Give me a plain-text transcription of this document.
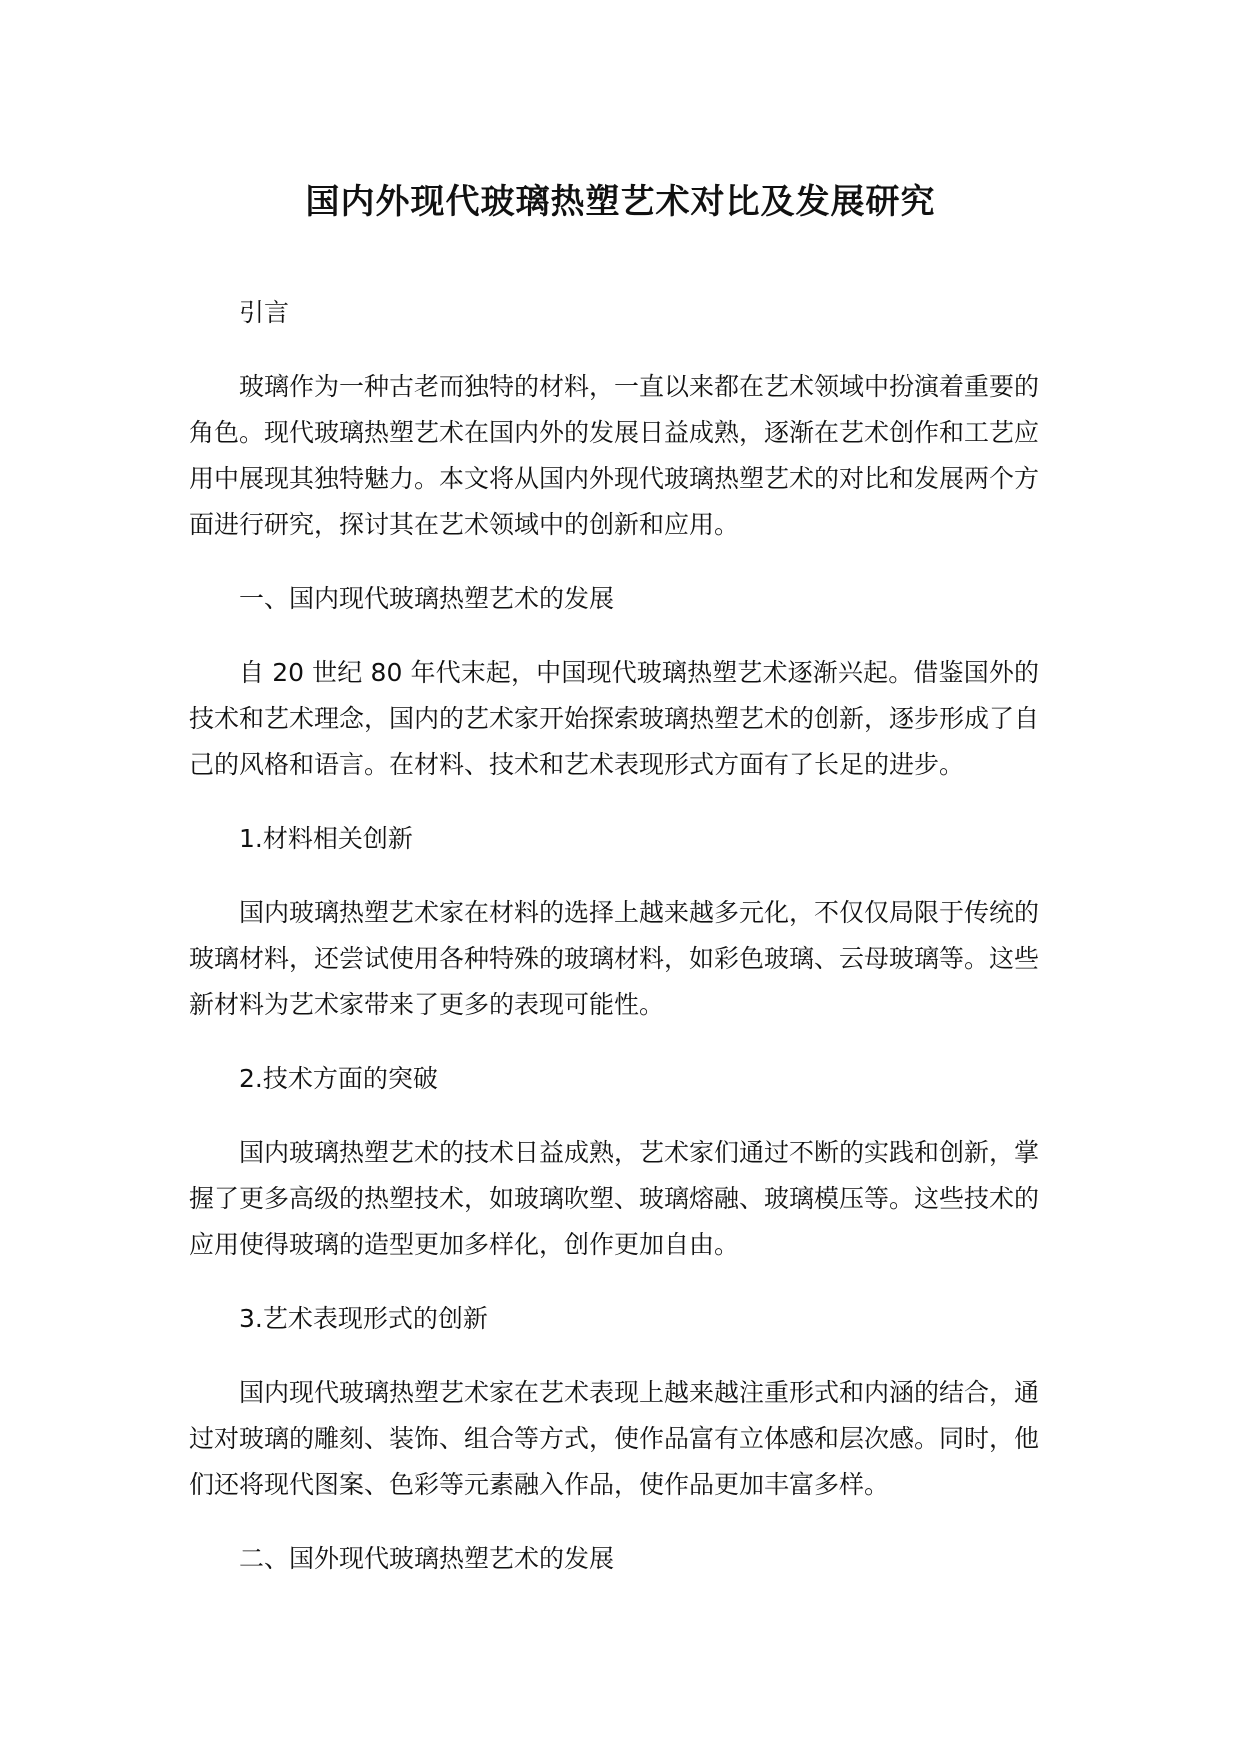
国内外现代玻璃热塑艺术对比及发展研究

引言

玻璃作为一种古老而独特的材料，一直以来都在艺术领域中扮演着重要的角色。现代玻璃热塑艺术在国内外的发展日益成熟，逐渐在艺术创作和工艺应用中展现其独特魅力。本文将从国内外现代玻璃热塑艺术的对比和发展两个方面进行研究，探讨其在艺术领域中的创新和应用。

一、国内现代玻璃热塑艺术的发展

自 20 世纪 80 年代末起，中国现代玻璃热塑艺术逐渐兴起。借鉴国外的技术和艺术理念，国内的艺术家开始探索玻璃热塑艺术的创新，逐步形成了自己的风格和语言。在材料、技术和艺术表现形式方面有了长足的进步。

1.材料相关创新

国内玻璃热塑艺术家在材料的选择上越来越多元化，不仅仅局限于传统的玻璃材料，还尝试使用各种特殊的玻璃材料，如彩色玻璃、云母玻璃等。这些新材料为艺术家带来了更多的表现可能性。

2.技术方面的突破

国内玻璃热塑艺术的技术日益成熟，艺术家们通过不断的实践和创新，掌握了更多高级的热塑技术，如玻璃吹塑、玻璃熔融、玻璃模压等。这些技术的应用使得玻璃的造型更加多样化，创作更加自由。

3.艺术表现形式的创新

国内现代玻璃热塑艺术家在艺术表现上越来越注重形式和内涵的结合，通过对玻璃的雕刻、装饰、组合等方式，使作品富有立体感和层次感。同时，他们还将现代图案、色彩等元素融入作品，使作品更加丰富多样。

二、国外现代玻璃热塑艺术的发展
